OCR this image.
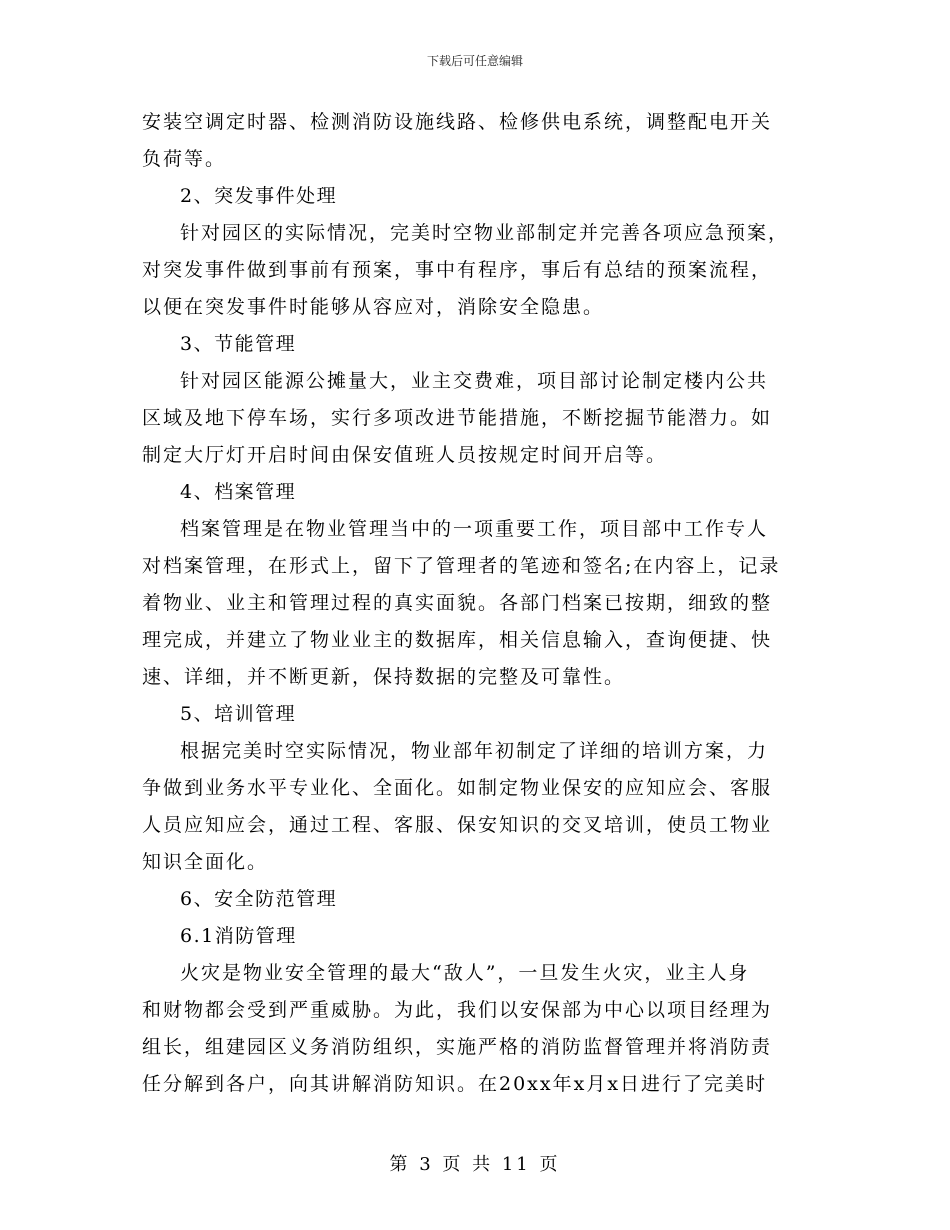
下载后可任意编辑

安装空调定时器、检测消防设施线路、检修供电系统，调整配电开关
负荷等。

2、突发事件处理

针对园区的实际情况，完美时空物业部制定并完善各项应急预案，
对突发事件做到事前有预案，事中有程序，事后有总结的预案流程，
以便在突发事件时能够从容应对，消除安全隐患。

3、节能管理

针对园区能源公摊量大，业主交费难，项目部讨论制定楼内公共
区域及地下停车场，实行多项改进节能措施，不断挖掘节能潜力。如
制定大厅灯开启时间由保安值班人员按规定时间开启等。

4、档案管理

档案管理是在物业管理当中的一项重要工作，项目部中工作专人
对档案管理，在形式上，留下了管理者的笔迹和签名;在内容上，记录
着物业、业主和管理过程的真实面貌。各部门档案已按期，细致的整
理完成，并建立了物业业主的数据库，相关信息输入，查询便捷、快
速、详细，并不断更新，保持数据的完整及可靠性。

5、培训管理

根据完美时空实际情况，物业部年初制定了详细的培训方案，力
争做到业务水平专业化、全面化。如制定物业保安的应知应会、客服
人员应知应会，通过工程、客服、保安知识的交叉培训，使员工物业
知识全面化。

6、安全防范管理

6.1消防管理

火灾是物业安全管理的最大“敌人”，一旦发生火灾，业主人身
和财物都会受到严重威胁。为此，我们以安保部为中心以项目经理为
组长，组建园区义务消防组织，实施严格的消防监督管理并将消防责
任分解到各户，向其讲解消防知识。在20xx年x月x日进行了完美时

第 3 页 共 11 页
